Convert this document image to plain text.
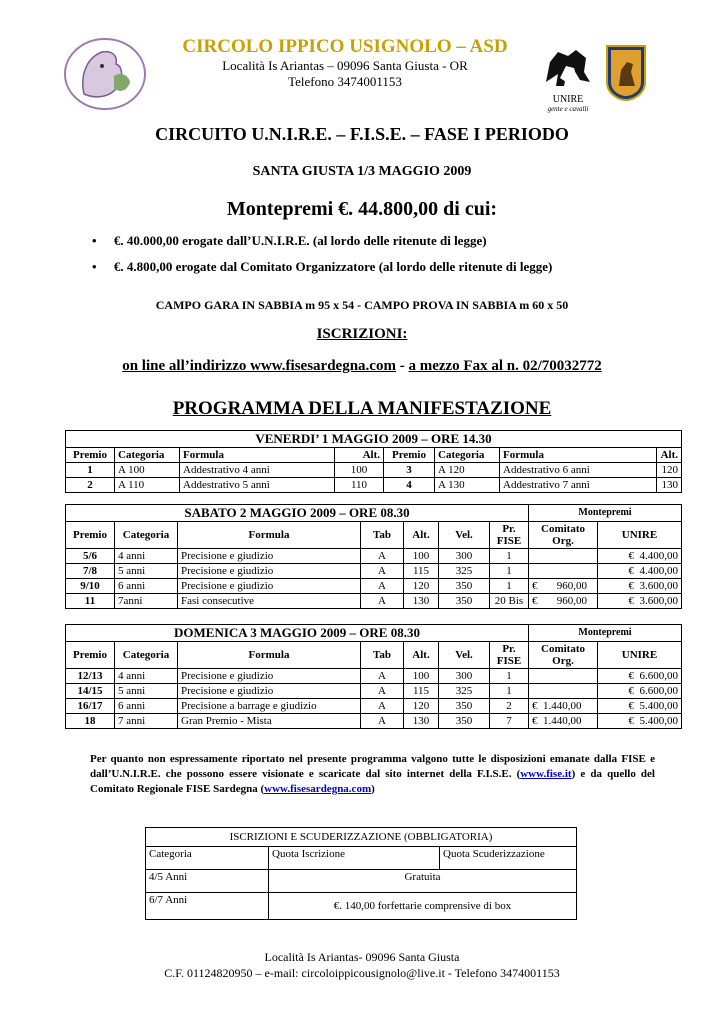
CIRCOLO IPPICO USIGNOLO – ASD
Località Is Ariantas – 09096 Santa Giusta - OR
Telefono 3474001153
UNIRE
gente e cavalli
CIRCUITO U.N.I.R.E. – F.I.S.E. – FASE I PERIODO
SANTA GIUSTA 1/3 MAGGIO 2009
Montepremi €. 44.800,00 di cui:
• €. 40.000,00 erogate dall’U.N.I.R.E. (al lordo delle ritenute di legge)
• €. 4.800,00 erogate dal Comitato Organizzatore (al lordo delle ritenute di legge)
CAMPO GARA IN SABBIA m 95 x 54 - CAMPO PROVA IN SABBIA m 60 x 50
ISCRIZIONI:
on line all’indirizzo www.fisesardegna.com - a mezzo Fax al n. 02/70032772
PROGRAMMA DELLA MANIFESTAZIONE
VENERDI’ 1 MAGGIO 2009 – ORE 14.30							
Premio	Categoria	Formula	Alt.	Premio	Categoria	Formula	Alt.
1	A 100	Addestrativo 4 anni	100	3	A 120	Addestrativo 6 anni	120
2	A 110	Addestrativo 5 anni	110	4	A 130	Addestrativo 7 anni	130
SABATO 2 MAGGIO 2009 – ORE 08.30							Montepremi	
Premio	Categoria	Formula	Tab	Alt.	Vel.	Pr. FISE	Comitato Org.	UNIRE
5/6	4 anni	Precisione e giudizio	A	100	300	1		€  4.400,00
7/8	5 anni	Precisione e giudizio	A	115	325	1		€  4.400,00
9/10	6 anni	Precisione e giudizio	A	120	350	1	€       960,00	€  3.600,00
11	7anni	Fasi consecutive	A	130	350	20 Bis	€       960,00	€  3.600,00
DOMENICA 3 MAGGIO 2009 – ORE 08.30							Montepremi	
Premio	Categoria	Formula	Tab	Alt.	Vel.	Pr. FISE	Comitato Org.	UNIRE
12/13	4 anni	Precisione e giudizio	A	100	300	1		€  6.600,00
14/15	5 anni	Precisione e giudizio	A	115	325	1		€  6.600,00
16/17	6 anni	Precisione a barrage e giudizio	A	120	350	2	€  1.440,00	€  5.400,00
18	7 anni	Gran Premio - Mista	A	130	350	7	€  1.440,00	€  5.400,00
Per quanto non espressamente riportato nel presente programma valgono tutte le disposizioni emanate dalla FISE e dall’U.N.I.R.E. che possono essere visionate e scaricate dal sito internet della F.I.S.E. (www.fise.it) e da quello del Comitato Regionale FISE Sardegna (www.fisesardegna.com)
ISCRIZIONI E SCUDERIZZAZIONE (OBBLIGATORIA)		
Categoria	Quota Iscrizione	Quota Scuderizzazione
4/5 Anni	Gratuita	
6/7 Anni	€. 140,00 forfettarie comprensive di box	
Località Is Ariantas- 09096 Santa Giusta
C.F. 01124820950 – e-mail: circoloippicousignolo@live.it - Telefono 3474001153
